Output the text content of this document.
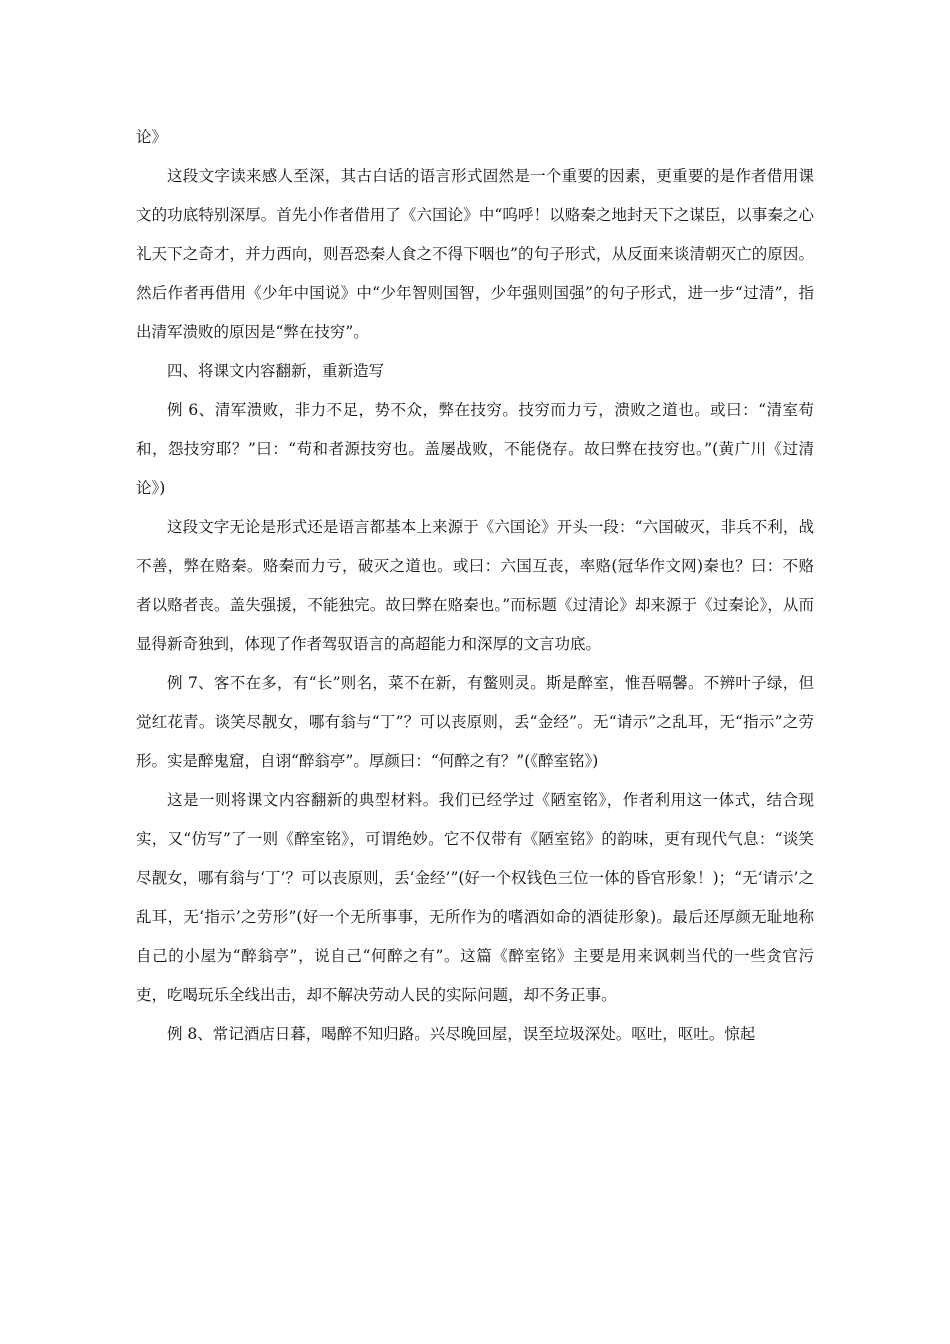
论》

这段文字读来感人至深，其古白话的语言形式固然是一个重要的因素，更重要的是作者借用课文的功底特别深厚。首先小作者借用了《六国论》中“呜呼！以赂秦之地封天下之谋臣，以事秦之心礼天下之奇才，并力西向，则吾恐秦人食之不得下咽也”的句子形式，从反面来谈清朝灭亡的原因。然后作者再借用《少年中国说》中“少年智则国智，少年强则国强”的句子形式，进一步“过清”，指出清军溃败的原因是“弊在技穷”。

四、将课文内容翻新，重新造写

例 6、清军溃败，非力不足，势不众，弊在技穷。技穷而力亏，溃败之道也。或曰：“清室苟和，怨技穷耶？”曰：“苟和者源技穷也。盖屡战败，不能侥存。故曰弊在技穷也。”(黄广川《过清论》)

这段文字无论是形式还是语言都基本上来源于《六国论》开头一段：“六国破灭，非兵不利，战不善，弊在赂秦。赂秦而力亏，破灭之道也。或曰：六国互丧，率赂(冠华作文网)秦也？曰：不赂者以赂者丧。盖失强援，不能独完。故曰弊在赂秦也。”而标题《过清论》却来源于《过秦论》，从而显得新奇独到，体现了作者驾驭语言的高超能力和深厚的文言功底。

例 7、客不在多，有“长”则名，菜不在新，有鳖则灵。斯是醉室，惟吾嗝馨。不辨叶子绿，但觉红花青。谈笑尽靓女，哪有翁与“丁”？可以丧原则，丢“金经”。无“请示”之乱耳，无“指示”之劳形。实是醉鬼窟，自诩“醉翁亭”。厚颜曰：“何醉之有？”(《醉室铭》)

这是一则将课文内容翻新的典型材料。我们已经学过《陋室铭》，作者利用这一体式，结合现实，又“仿写”了一则《醉室铭》，可谓绝妙。它不仅带有《陋室铭》的韵味，更有现代气息：“谈笑尽靓女，哪有翁与‘丁’？可以丧原则，丢‘金经’”(好一个权钱色三位一体的昏官形象！)；“无‘请示’之乱耳，无‘指示’之劳形”(好一个无所事事，无所作为的嗜酒如命的酒徒形象)。最后还厚颜无耻地称自己的小屋为“醉翁亭”，说自己“何醉之有”。这篇《醉室铭》主要是用来讽刺当代的一些贪官污吏，吃喝玩乐全线出击，却不解决劳动人民的实际问题，却不务正事。

例 8、常记酒店日暮，喝醉不知归路。兴尽晚回屋，误至垃圾深处。呕吐，呕吐。惊起
